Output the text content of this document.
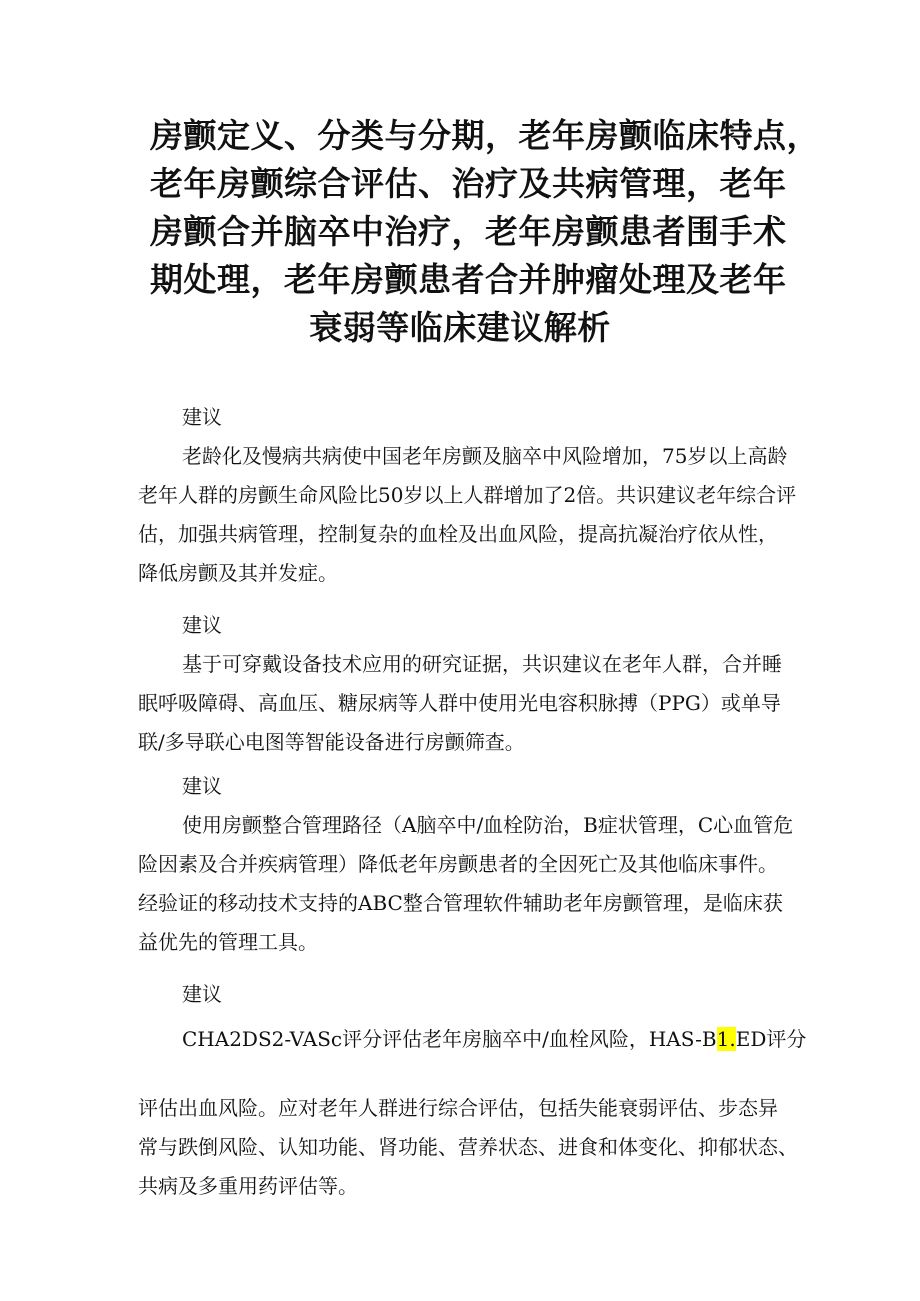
房颤定义、分类与分期，老年房颤临床特点，
老年房颤综合评估、治疗及共病管理，老年
房颤合并脑卒中治疗，老年房颤患者围手术
期处理，老年房颤患者合并肿瘤处理及老年
衰弱等临床建议解析

建议

老龄化及慢病共病使中国老年房颤及脑卒中风险增加，75岁以上高龄

老年人群的房颤生命风险比50岁以上人群增加了2倍。共识建议老年综合评

估，加强共病管理，控制复杂的血栓及出血风险，提高抗凝治疗依从性，

降低房颤及其并发症。

建议

基于可穿戴设备技术应用的研究证据，共识建议在老年人群，合并睡

眠呼吸障碍、高血压、糖尿病等人群中使用光电容积脉搏（PPG）或单导

联/多导联心电图等智能设备进行房颤筛查。

建议

使用房颤整合管理路径（A脑卒中/血栓防治，B症状管理，C心血管危

险因素及合并疾病管理）降低老年房颤患者的全因死亡及其他临床事件。

经验证的移动技术支持的ABC整合管理软件辅助老年房颤管理，是临床获

益优先的管理工具。

建议

CHA2DS2-VASc评分评估老年房脑卒中/血栓风险，HAS-B1.ED评分

评估出血风险。应对老年人群进行综合评估，包括失能衰弱评估、步态异

常与跌倒风险、认知功能、肾功能、营养状态、进食和体变化、抑郁状态、

共病及多重用药评估等。
